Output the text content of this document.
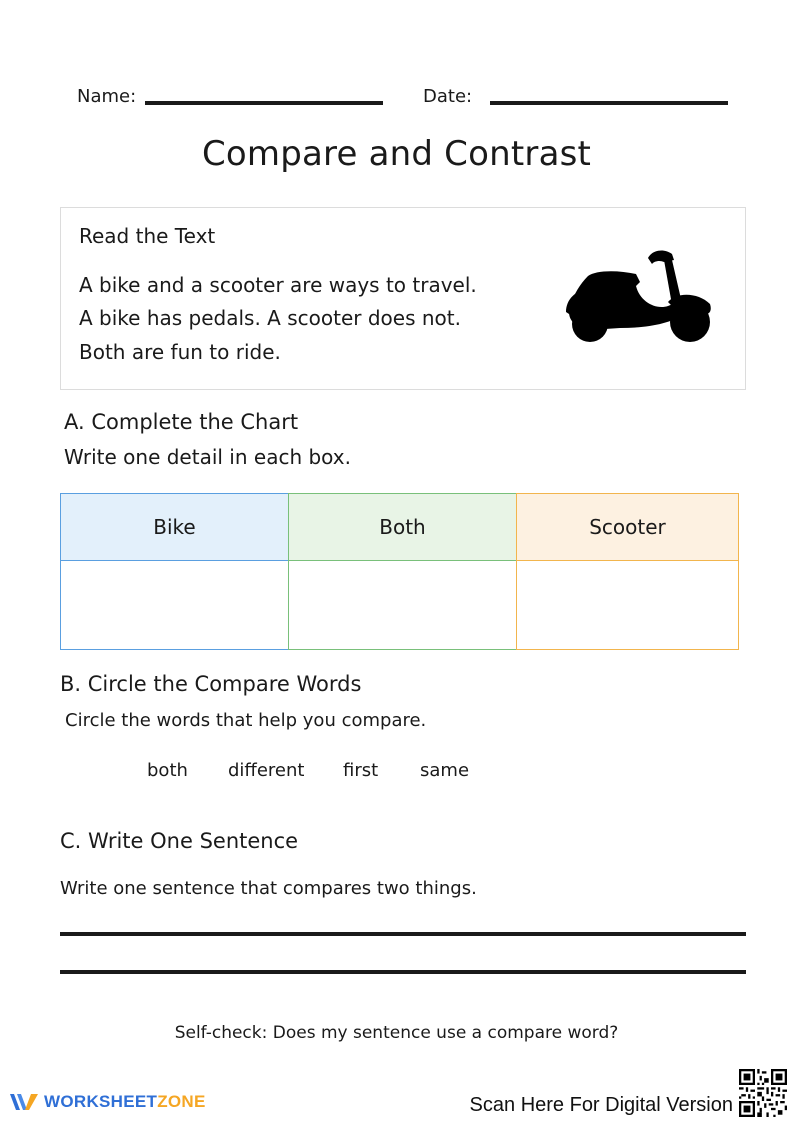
Name:	Date:
Compare and Contrast
Read the Text
A bike and a scooter are ways to travel.
A bike has pedals. A scooter does not.
Both are fun to ride.
A. Complete the Chart
Write one detail in each box.
Bike	Both	Scooter
B. Circle the Compare Words
Circle the words that help you compare.
both different first same
C. Write One Sentence
Write one sentence that compares two things.
Self-check: Does my sentence use a compare word?
WORKSHEETZONE	Scan Here For Digital Version
